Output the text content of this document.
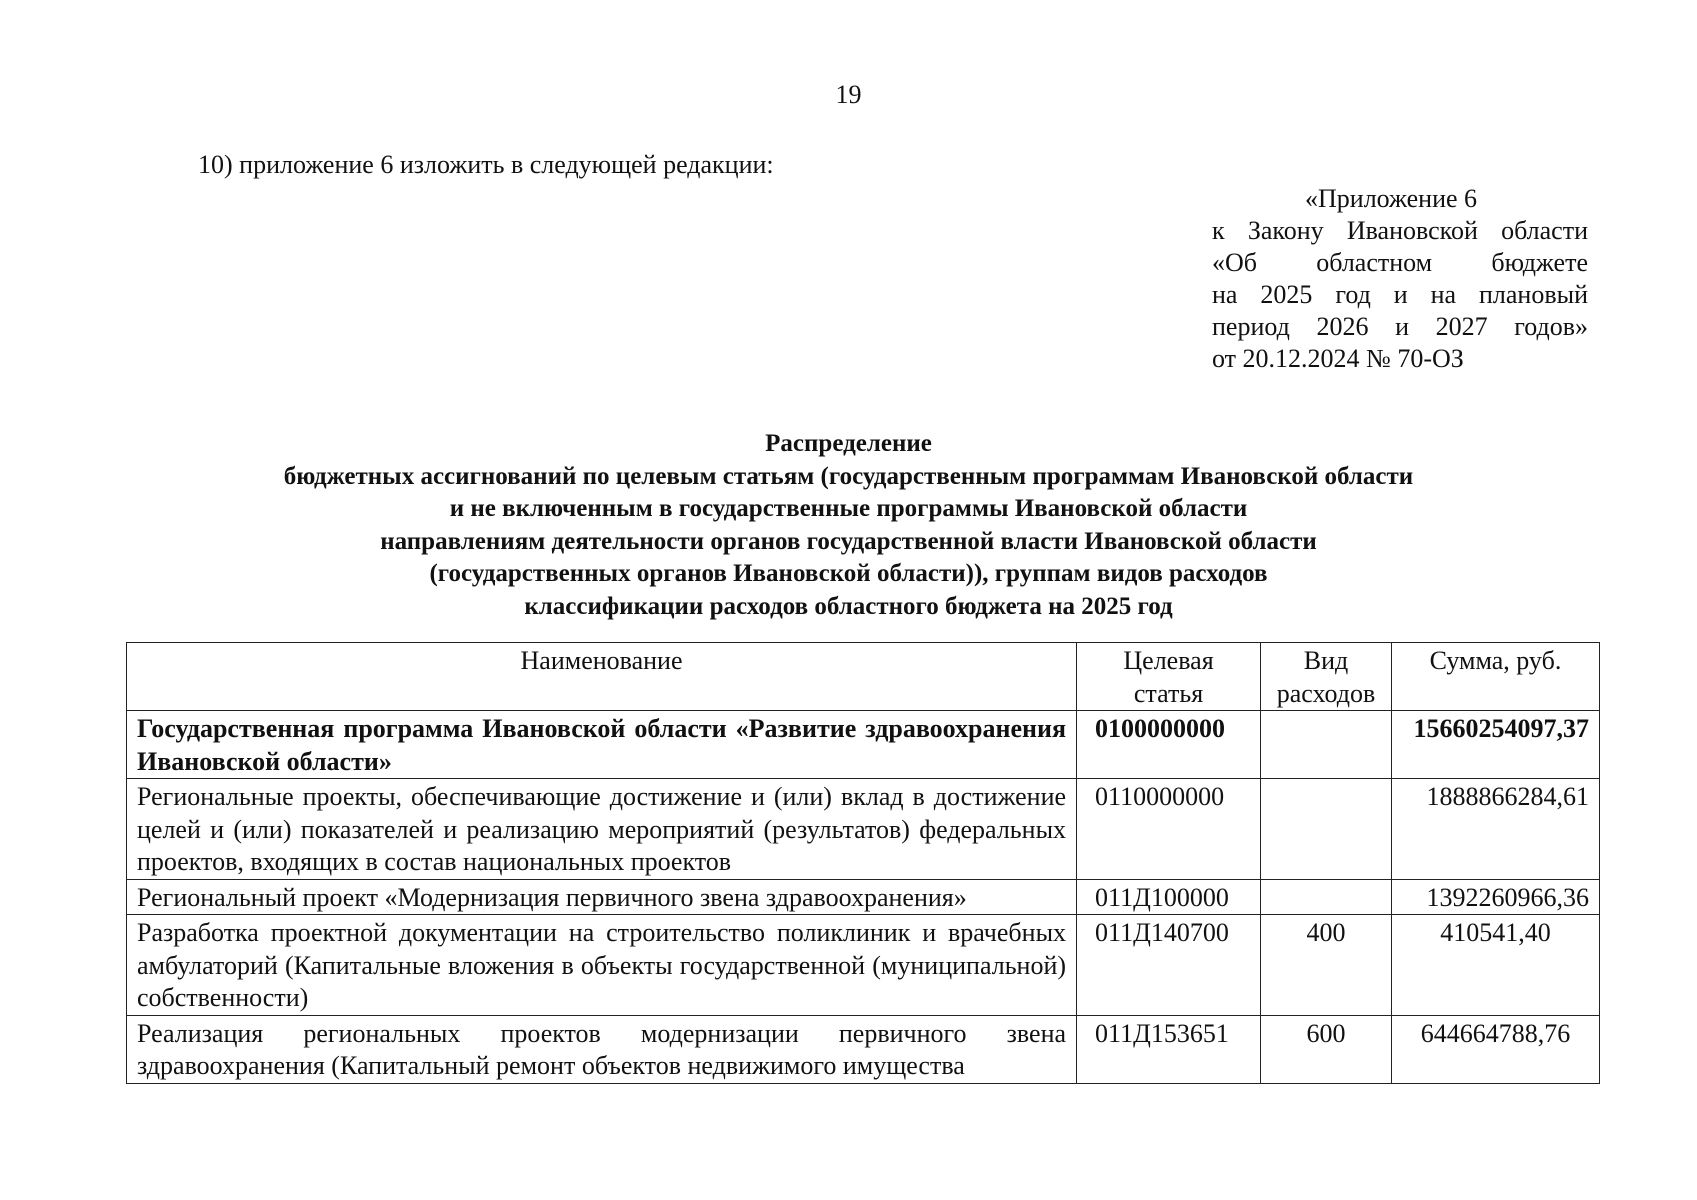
19
10) приложение 6 изложить в следующей редакции:
«Приложение 6
к Закону Ивановской области
«Об областном бюджете
на 2025 год и на плановый
период 2026 и 2027 годов»
от 20.12.2024 № 70-ОЗ
Распределение
бюджетных ассигнований по целевым статьям (государственным программам Ивановской области
и не включенным в государственные программы Ивановской области
направлениям деятельности органов государственной власти Ивановской области
(государственных органов Ивановской области)), группам видов расходов
классификации расходов областного бюджета на 2025 год
Наименование	Целевая статья	Вид расходов	Сумма, руб.
Государственная программа Ивановской области «Развитие здравоохранения Ивановской области»	0100000000		15660254097,37
Региональные проекты, обеспечивающие достижение и (или) вклад в достижение целей и (или) показателей и реализацию мероприятий (результатов) федеральных проектов, входящих в состав национальных проектов	0110000000		1888866284,61
Региональный проект «Модернизация первичного звена здравоохранения»	011Д100000		1392260966,36
Разработка проектной документации на строительство поликлиник и врачебных амбулаторий (Капитальные вложения в объекты государственной (муниципальной) собственности)	011Д140700	400	410541,40
Реализация региональных проектов модернизации первичного звена здравоохранения (Капитальный ремонт объектов недвижимого имущества	011Д153651	600	644664788,76
